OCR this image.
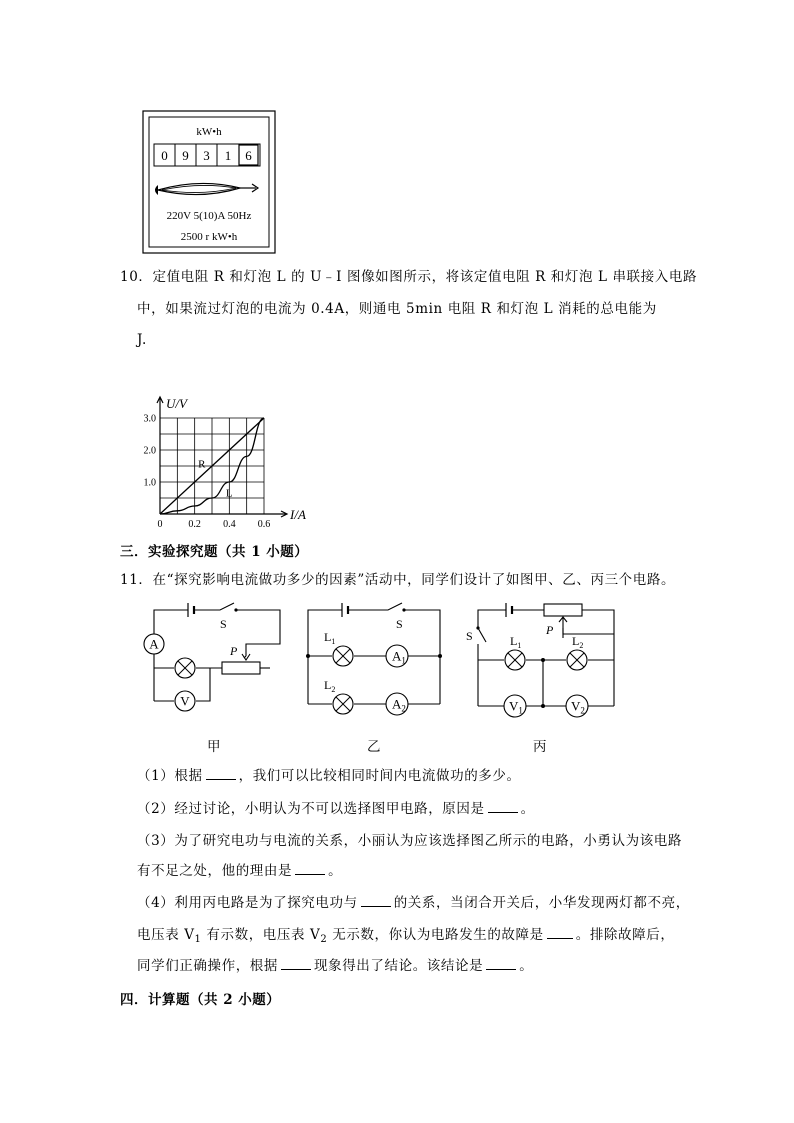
kW•h
0 9 3 1 6
220V 5(10)A 50Hz
2500 r kW•h
10．定值电阻 R 和灯泡 L 的 U﹣I 图像如图所示，将该定值电阻 R 和灯泡 L 串联接入电路
中，如果流过灯泡的电流为 0.4A，则通电 5min 电阻 R 和灯泡 L 消耗的总电能为
J.
0	0.2 0.4 0.6
1.0
2.0
3.0
R
L
U/V
I/A
三．实验探究题（共 1 小题）
11．在“探究影响电流做功多少的因素”活动中，同学们设计了如图甲、乙、丙三个电路。
A
V
S
P	$A_1$
$A_2$
$L_1$
$L_2$
S
$V_1$	$V_2$
$L_1$	$L_2$
S	P
甲	乙	丙
（1）根据	，我们可以比较相同时间内电流做功的多少。
（2）经过讨论，小明认为不可以选择图甲电路，原因是	。
（3）为了研究电功与电流的关系，小丽认为应该选择图乙所示的电路，小勇认为该电路
有不足之处，他的理由是	。
（4）利用丙电路是为了探究电功与	的关系，当闭合开关后，小华发现两灯都不亮，
电压表 $V_1$ 有示数，电压表 $V_2$ 无示数，你认为电路发生的故障是 。排除故障后，
同学们正确操作，根据	现象得出了结论。该结论是	。
四．计算题（共 2 小题）
